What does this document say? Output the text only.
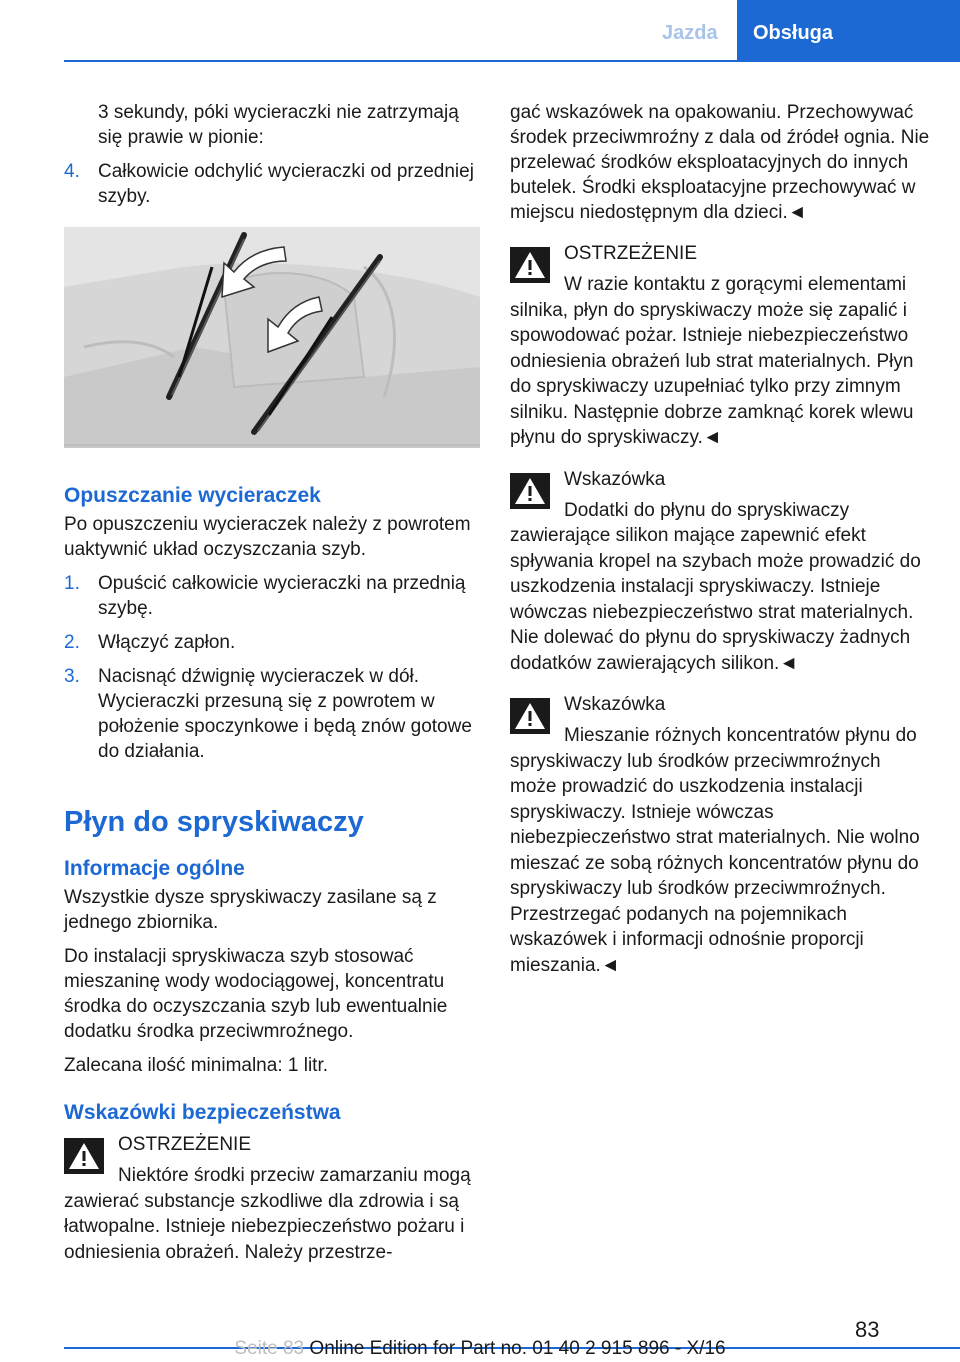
Jazda	Obsługa

3 sekundy, póki wycieraczki nie zatrzymają się prawie w pionie:

4. Całkowicie odchylić wycieraczki od przedniej szyby.
Opuszczanie wycieraczek

Po opuszczeniu wycieraczek należy z powrotem uaktywnić układ oczyszczania szyb.

1. Opuścić całkowicie wycieraczki na przednią szybę.
2. Włączyć zapłon.
3. Nacisnąć dźwignię wycieraczek w dół. Wycieraczki przesuną się z powrotem w położenie spoczynkowe i będą znów gotowe do działania.
Płyn do spryskiwaczy
Informacje ogólne

Wszystkie dysze spryskiwaczy zasilane są z jednego zbiornika.

Do instalacji spryskiwacza szyb stosować mieszaninę wody wodociągowej, koncentratu środka do oczyszczania szyb lub ewentualnie dodatku środka przeciwmroźnego.

Zalecana ilość minimalna: 1 litr.

Wskazówki bezpieczeństwa
OSTRZEŻENIE
Niektóre środki przeciw zamarzaniu mogą zawierać substancje szkodliwe dla zdrowia i są łatwopalne. Istnieje niebezpieczeństwo pożaru i odniesienia obrażeń. Należy przestrze-

gać wskazówek na opakowaniu. Przechowywać środek przeciwmroźny z dala od źródeł ognia. Nie przelewać środków eksploatacyjnych do innych butelek. Środki eksploatacyjne przechowywać w miejscu niedostępnym dla dzieci.◄

OSTRZEŻENIE
W razie kontaktu z gorącymi elementami silnika, płyn do spryskiwaczy może się zapalić i spowodować pożar. Istnieje niebezpieczeństwo odniesienia obrażeń lub strat materialnych. Płyn do spryskiwaczy uzupełniać tylko przy zimnym silniku. Następnie dobrze zamknąć korek wlewu płynu do spryskiwaczy.◄
Wskazówka
Dodatki do płynu do spryskiwaczy zawierające silikon mające zapewnić efekt spływania kropel na szybach może prowadzić do uszkodzenia instalacji spryskiwaczy. Istnieje wówczas niebezpieczeństwo strat materialnych. Nie dolewać do płynu do spryskiwaczy żadnych dodatków zawierających silikon.◄
Wskazówka
Mieszanie różnych koncentratów płynu do spryskiwaczy lub środków przeciwmroźnych może prowadzić do uszkodzenia instalacji spryskiwaczy. Istnieje wówczas niebezpieczeństwo strat materialnych. Nie wolno mieszać ze sobą różnych koncentratów płynu do spryskiwaczy lub środków przeciwmroźnych. Przestrzegać podanych na pojemnikach wskazówek i informacji odnośnie proporcji mieszania.◄
83
Seite 83 Online Edition for Part no. 01 40 2 915 896 - X/16
